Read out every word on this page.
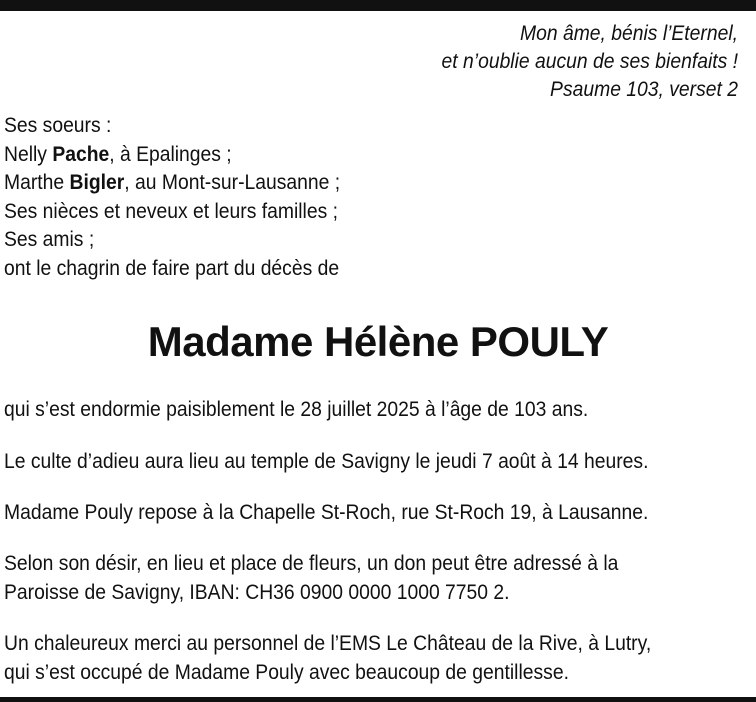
Mon âme, bénis l’Eternel,
et n’oublie aucun de ses bienfaits !
Psaume 103, verset 2
Ses soeurs :
Nelly Pache, à Epalinges ;
Marthe Bigler, au Mont-sur-Lausanne ;
Ses nièces et neveux et leurs familles ;
Ses amis ;
ont le chagrin de faire part du décès de
Madame Hélène POULY

qui s’est endormie paisiblement le 28 juillet 2025 à l’âge de 103 ans.

Le culte d’adieu aura lieu au temple de Savigny le jeudi 7 août à 14 heures.

Madame Pouly repose à la Chapelle St-Roch, rue St-Roch 19, à Lausanne.

Selon son désir, en lieu et place de fleurs, un don peut être adressé à la

Paroisse de Savigny, IBAN: CH36 0900 0000 1000 7750 2.

Un chaleureux merci au personnel de l’EMS Le Château de la Rive, à Lutry,

qui s’est occupé de Madame Pouly avec beaucoup de gentillesse.
